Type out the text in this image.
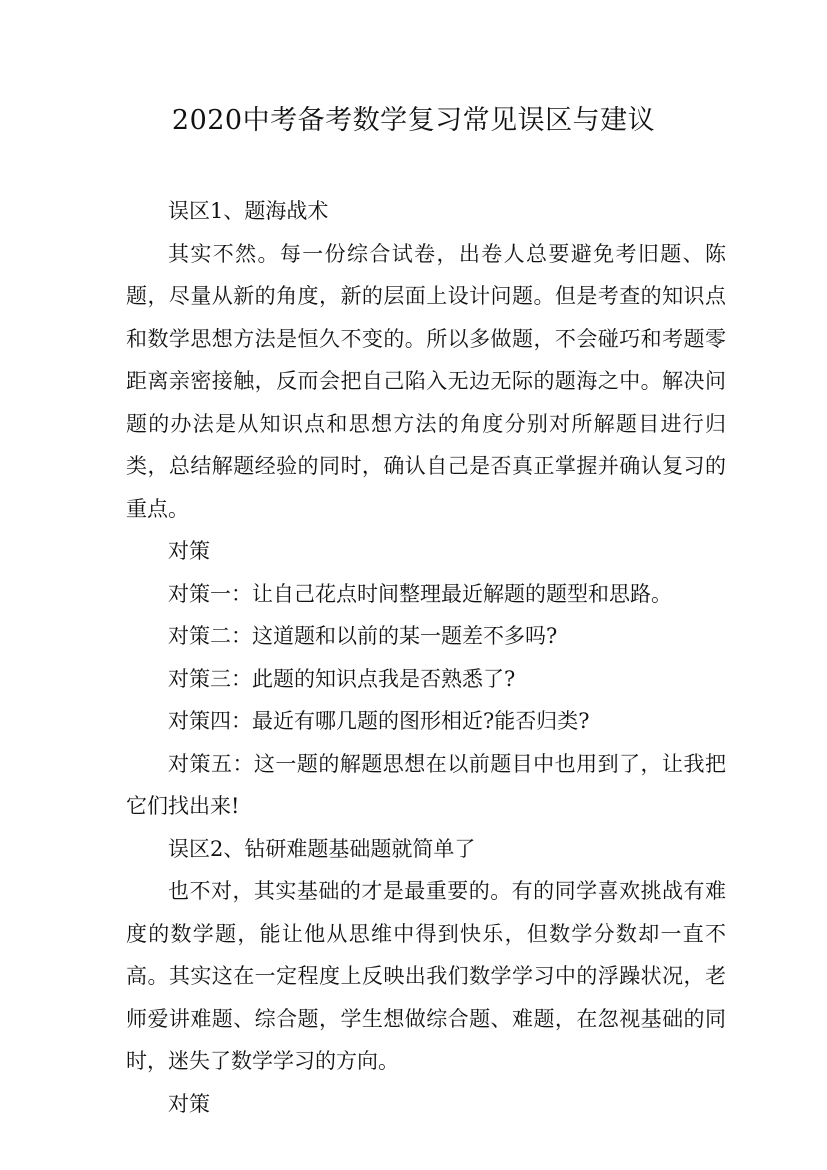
2020中考备考数学复习常见误区与建议

误区1、题海战术

其实不然。每一份综合试卷，出卷人总要避免考旧题、陈题，尽量从新的角度，新的层面上设计问题。但是考查的知识点和数学思想方法是恒久不变的。所以多做题，不会碰巧和考题零距离亲密接触，反而会把自己陷入无边无际的题海之中。解决问题的办法是从知识点和思想方法的角度分别对所解题目进行归类，总结解题经验的同时，确认自己是否真正掌握并确认复习的重点。

对策

对策一：让自己花点时间整理最近解题的题型和思路。

对策二：这道题和以前的某一题差不多吗?

对策三：此题的知识点我是否熟悉了?

对策四：最近有哪几题的图形相近?能否归类?

对策五：这一题的解题思想在以前题目中也用到了，让我把它们找出来!

误区2、钻研难题基础题就简单了

也不对，其实基础的才是最重要的。有的同学喜欢挑战有难度的数学题，能让他从思维中得到快乐，但数学分数却一直不高。其实这在一定程度上反映出我们数学学习中的浮躁状况，老师爱讲难题、综合题，学生想做综合题、难题，在忽视基础的同时，迷失了数学学习的方向。

对策
